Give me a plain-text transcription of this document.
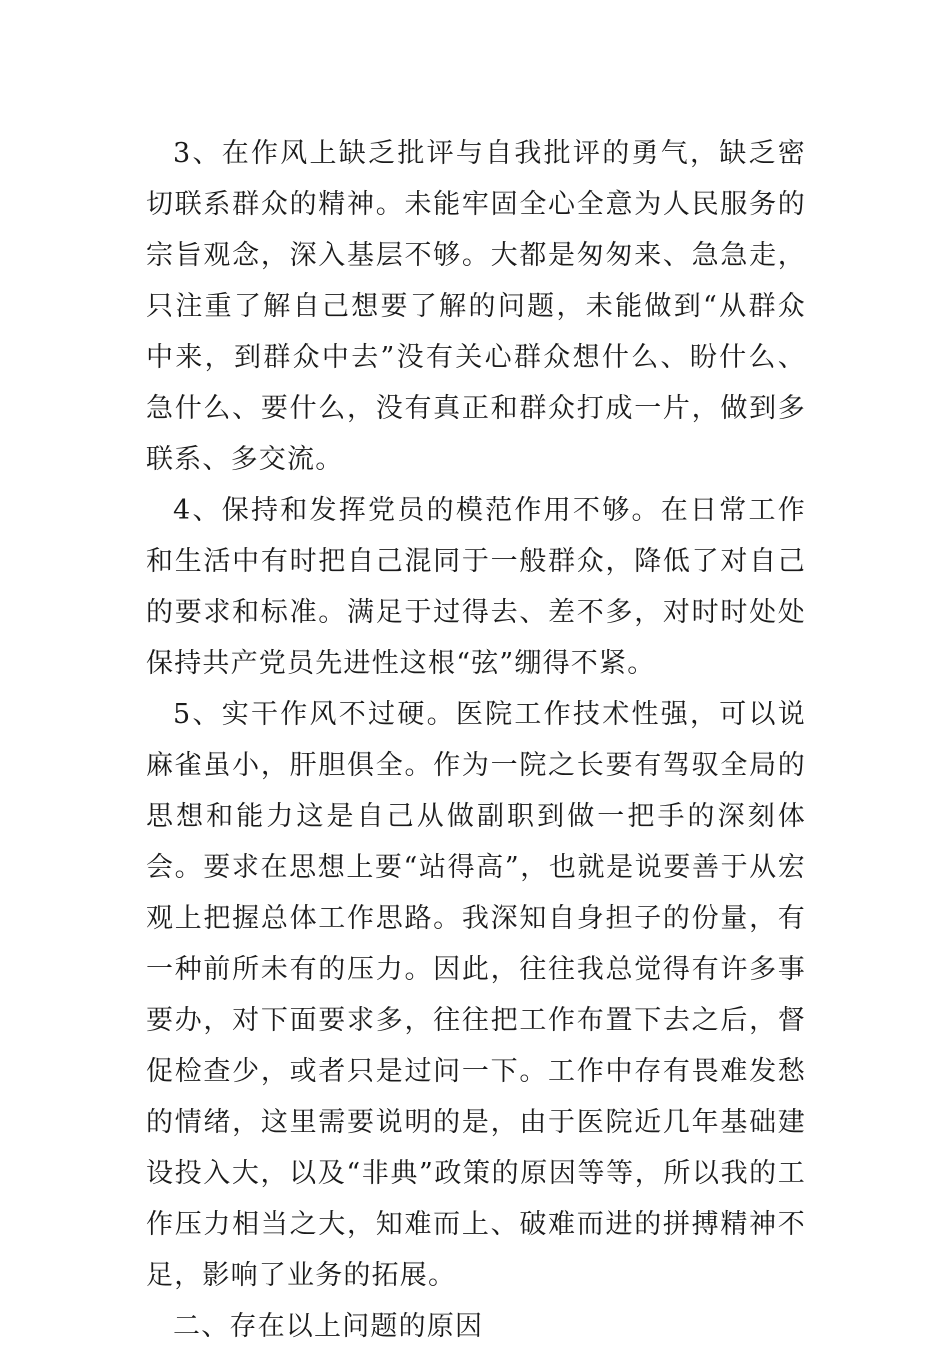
3、在作风上缺乏批评与自我批评的勇气，缺乏密切联系群众的精神。未能牢固全心全意为人民服务的宗旨观念，深入基层不够。大都是匆匆来、急急走，只注重了解自己想要了解的问题，未能做到“从群众中来，到群众中去”没有关心群众想什么、盼什么、急什么、要什么，没有真正和群众打成一片，做到多联系、多交流。

4、保持和发挥党员的模范作用不够。在日常工作和生活中有时把自己混同于一般群众，降低了对自己的要求和标准。满足于过得去、差不多，对时时处处保持共产党员先进性这根“弦”绷得不紧。

5、实干作风不过硬。医院工作技术性强，可以说麻雀虽小，肝胆俱全。作为一院之长要有驾驭全局的思想和能力这是自己从做副职到做一把手的深刻体会。要求在思想上要“站得高”，也就是说要善于从宏观上把握总体工作思路。我深知自身担子的份量，有一种前所未有的压力。因此，往往我总觉得有许多事要办，对下面要求多，往往把工作布置下去之后，督促检查少，或者只是过问一下。工作中存有畏难发愁的情绪，这里需要说明的是，由于医院近几年基础建设投入大，以及“非典”政策的原因等等，所以我的工作压力相当之大，知难而上、破难而进的拼搏精神不足，影响了业务的拓展。

二、存在以上问题的原因
